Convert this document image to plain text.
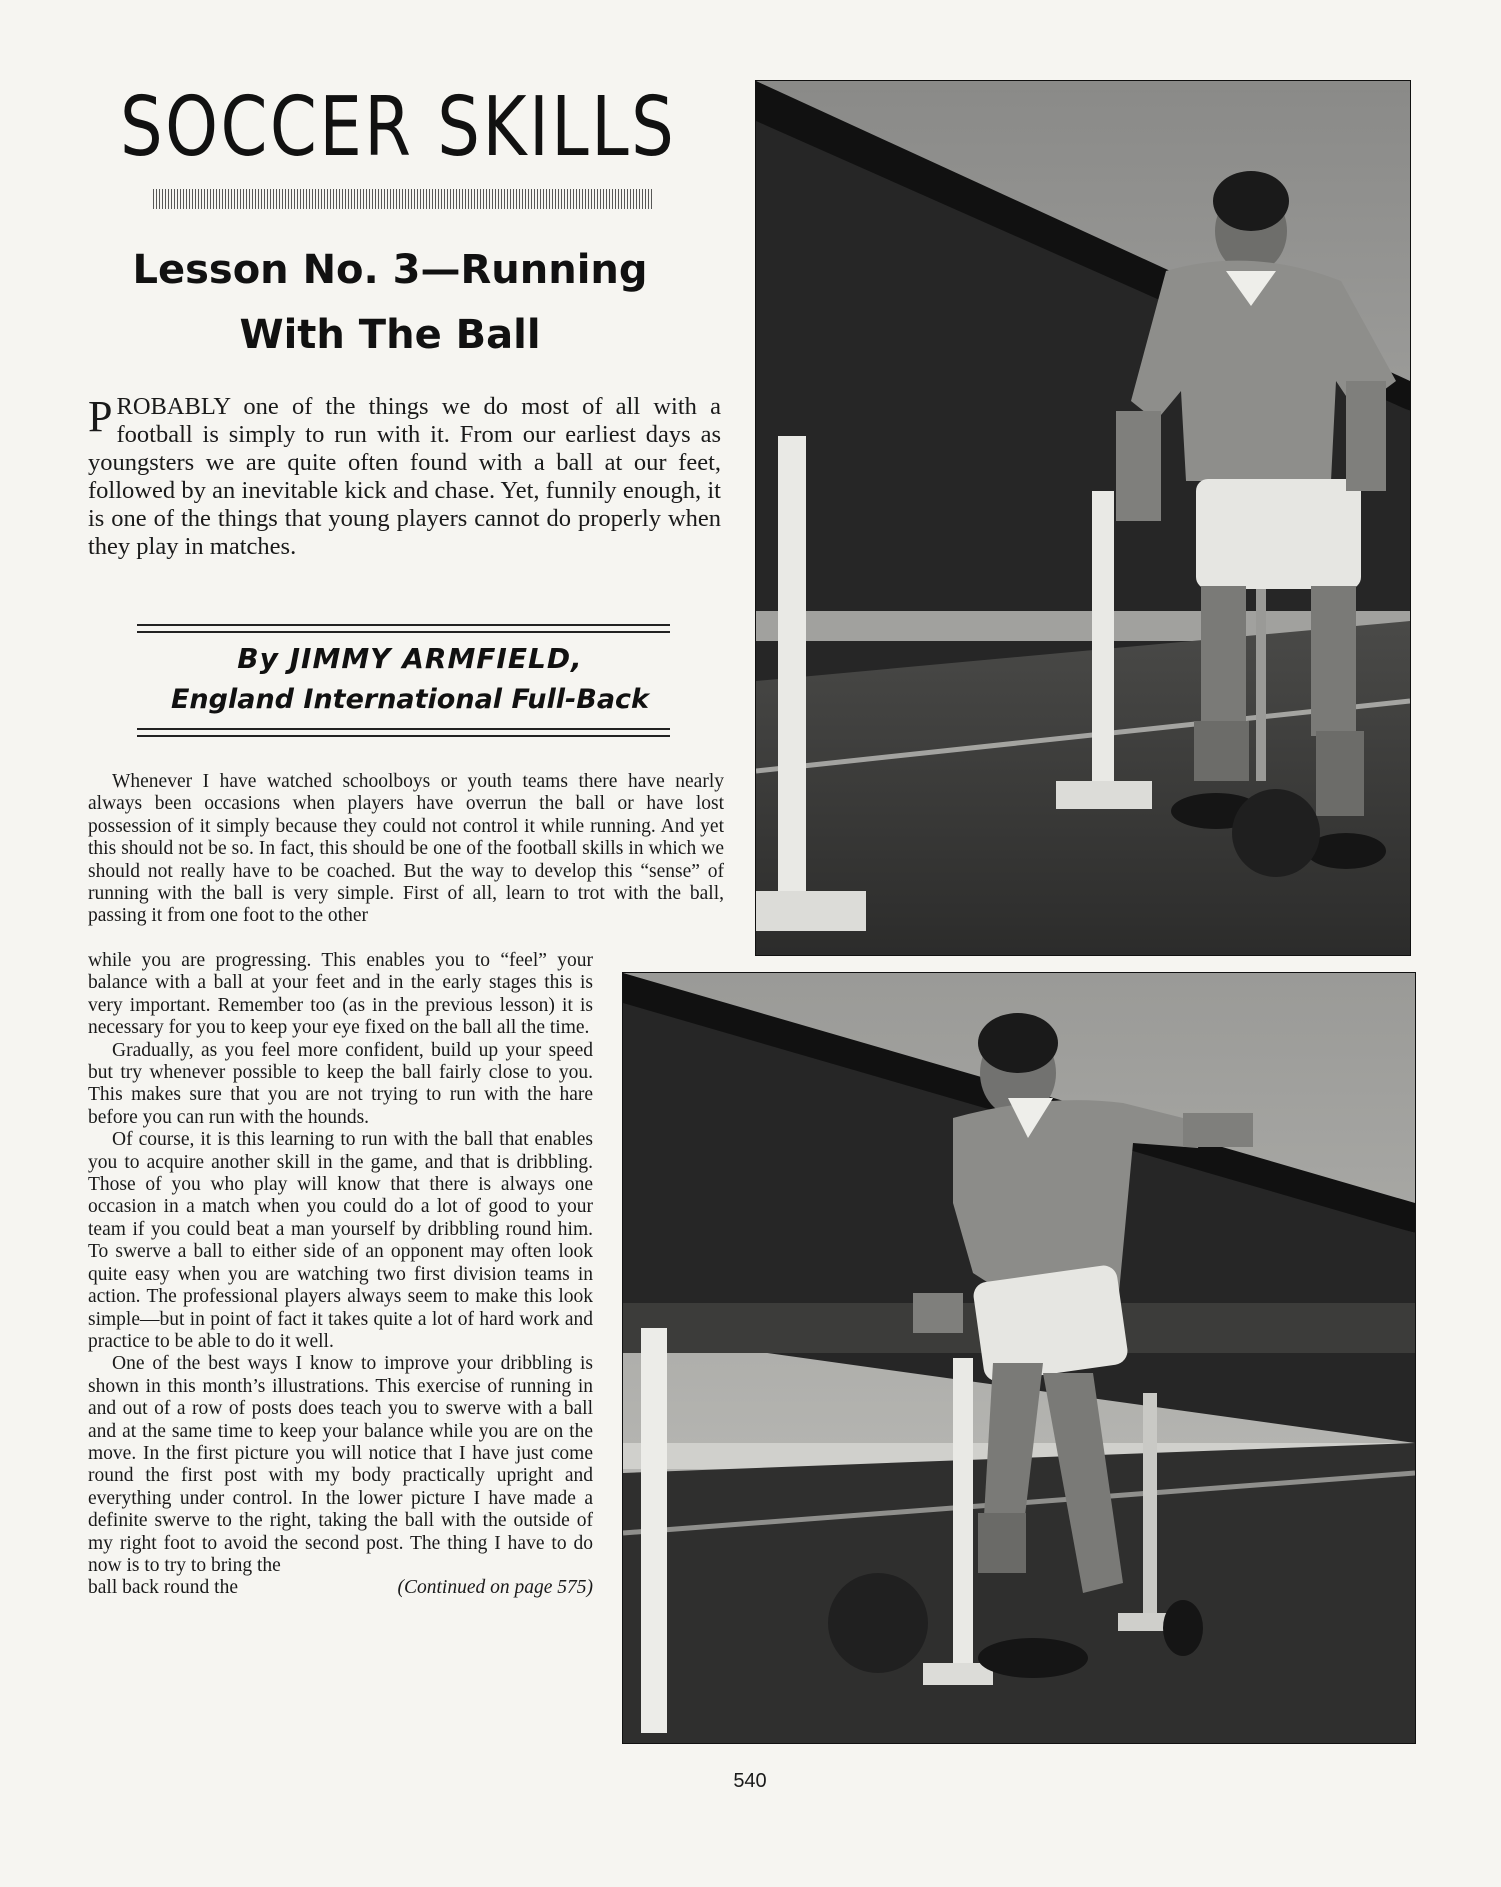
SOCCER SKILLS
Lesson No. 3—Running
With The Ball
PROBABLY one of the things we do most of all with a football is simply to run with it. From our earliest days as youngsters we are quite often found with a ball at our feet, followed by an inevitable kick and chase. Yet, funnily enough, it is one of the things that young players cannot do properly when they play in matches.
By JIMMY ARMFIELD,
England International Full-Back

Whenever I have watched schoolboys or youth teams there have nearly always been occasions when players have overrun the ball or have lost possession of it simply because they could not control it while running. And yet this should not be so. In fact, this should be one of the football skills in which we should not really have to be coached. But the way to develop this “sense” of running with the ball is very simple. First of all, learn to trot with the ball, passing it from one foot to the other

while you are progressing. This enables you to “feel” your balance with a ball at your feet and in the early stages this is very important. Remember too (as in the previous lesson) it is necessary for you to keep your eye fixed on the ball all the time.

Gradually, as you feel more confident, build up your speed but try whenever possible to keep the ball fairly close to you. This makes sure that you are not trying to run with the hare before you can run with the hounds.

Of course, it is this learning to run with the ball that enables you to acquire another skill in the game, and that is dribbling. Those of you who play will know that there is always one occasion in a match when you could do a lot of good to your team if you could beat a man yourself by dribbling round him. To swerve a ball to either side of an opponent may often look quite easy when you are watching two first division teams in action. The professional players always seem to make this look simple—but in point of fact it takes quite a lot of hard work and practice to be able to do it well.

One of the best ways I know to improve your dribbling is shown in this month’s illustrations. This exercise of running in and out of a row of posts does teach you to swerve with a ball and at the same time to keep your balance while you are on the move. In the first picture you will notice that I have just come round the first post with my body practically upright and everything under control. In the lower picture I have made a definite swerve to the right, taking the ball with the outside of my right foot to avoid the second post. The thing I have to do now is to try to bring the

ball back round the	(Continued on page 575)
540
